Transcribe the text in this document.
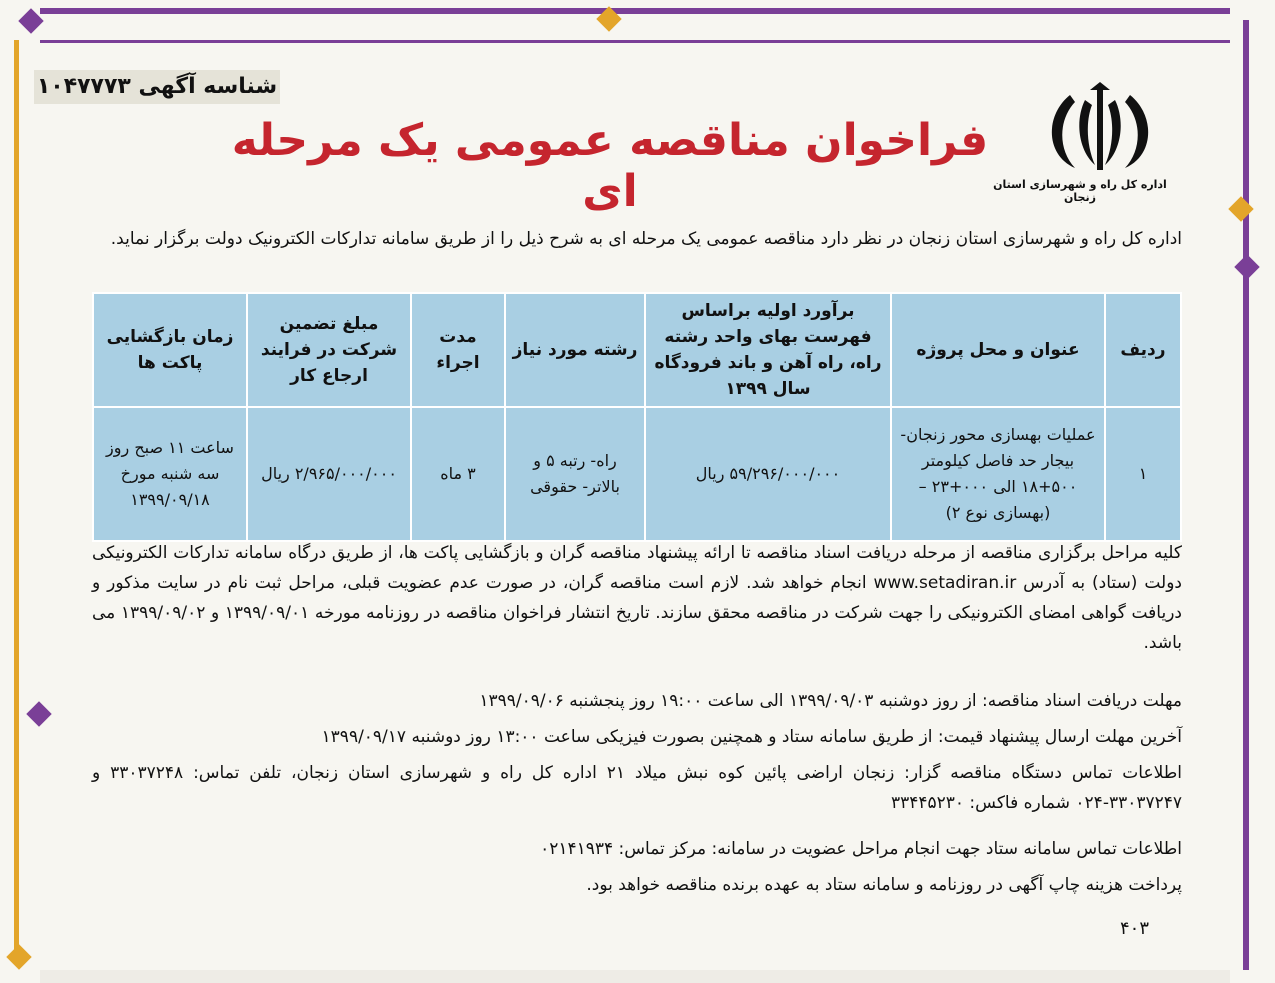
شناسه آگهی ۱۰۴۷۷۷۳
فراخوان مناقصه عمومی یک مرحله ای	اداره کل راه و شهرسازی استان زنجان
اداره کل راه و شهرسازی استان زنجان در نظر دارد مناقصه عمومی یک مرحله ای به شرح ذیل را از طریق سامانه تدارکات الکترونیک دولت برگزار نماید.
ردیف	عنوان و محل پروژه	برآورد اولیه براساس فهرست بهای واحد رشته راه، راه آهن و باند فرودگاه سال ۱۳۹۹	رشته مورد نیاز	مدت اجراء	مبلغ تضمین شرکت در فرایند ارجاع کار	زمان بازگشایی پاکت ها
۱	عملیات بهسازی محور زنجان- بیجار حد فاصل کیلومتر ۵۰۰+۱۸ الی ۰۰۰+۲۳ – (بهسازی نوع ۲)	۵۹/۲۹۶/۰۰۰/۰۰۰ ریال	راه- رتبه ۵ و بالاتر- حقوقی	۳ ماه	۲/۹۶۵/۰۰۰/۰۰۰ ریال	ساعت ۱۱ صبح روز سه شنبه مورخ ۱۳۹۹/۰۹/۱۸
کلیه مراحل برگزاری مناقصه از مرحله دریافت اسناد مناقصه تا ارائه پیشنهاد مناقصه گران و بازگشایی پاکت ها، از طریق درگاه سامانه تدارکات الکترونیکی دولت (ستاد) به آدرس www.setadiran.ir انجام خواهد شد. لازم است مناقصه گران، در صورت عدم عضویت قبلی، مراحل ثبت نام در سایت مذکور و دریافت گواهی امضای الکترونیکی را جهت شرکت در مناقصه محقق سازند. تاریخ انتشار فراخوان مناقصه در روزنامه مورخه ۱۳۹۹/۰۹/۰۱ و ۱۳۹۹/۰۹/۰۲ می باشد.
مهلت دریافت اسناد مناقصه: از روز دوشنبه ۱۳۹۹/۰۹/۰۳ الی ساعت ۱۹:۰۰ روز پنجشنبه ۱۳۹۹/۰۹/۰۶
آخرین مهلت ارسال پیشنهاد قیمت: از طریق سامانه ستاد و همچنین بصورت فیزیکی ساعت ۱۳:۰۰ روز دوشنبه ۱۳۹۹/۰۹/۱۷
اطلاعات تماس دستگاه مناقصه گزار: زنجان اراضی پائین کوه نبش میلاد ۲۱ اداره کل راه و شهرسازی استان زنجان، تلفن تماس: ۳۳۰۳۷۲۴۸ و ۳۳۰۳۷۲۴۷-۰۲۴ شماره فاکس: ۳۳۴۴۵۲۳۰
اطلاعات تماس سامانه ستاد جهت انجام مراحل عضویت در سامانه: مرکز تماس: ۰۲۱۴۱۹۳۴
پرداخت هزینه چاپ آگهی در روزنامه و سامانه ستاد به عهده برنده مناقصه خواهد بود.
۴۰۳
